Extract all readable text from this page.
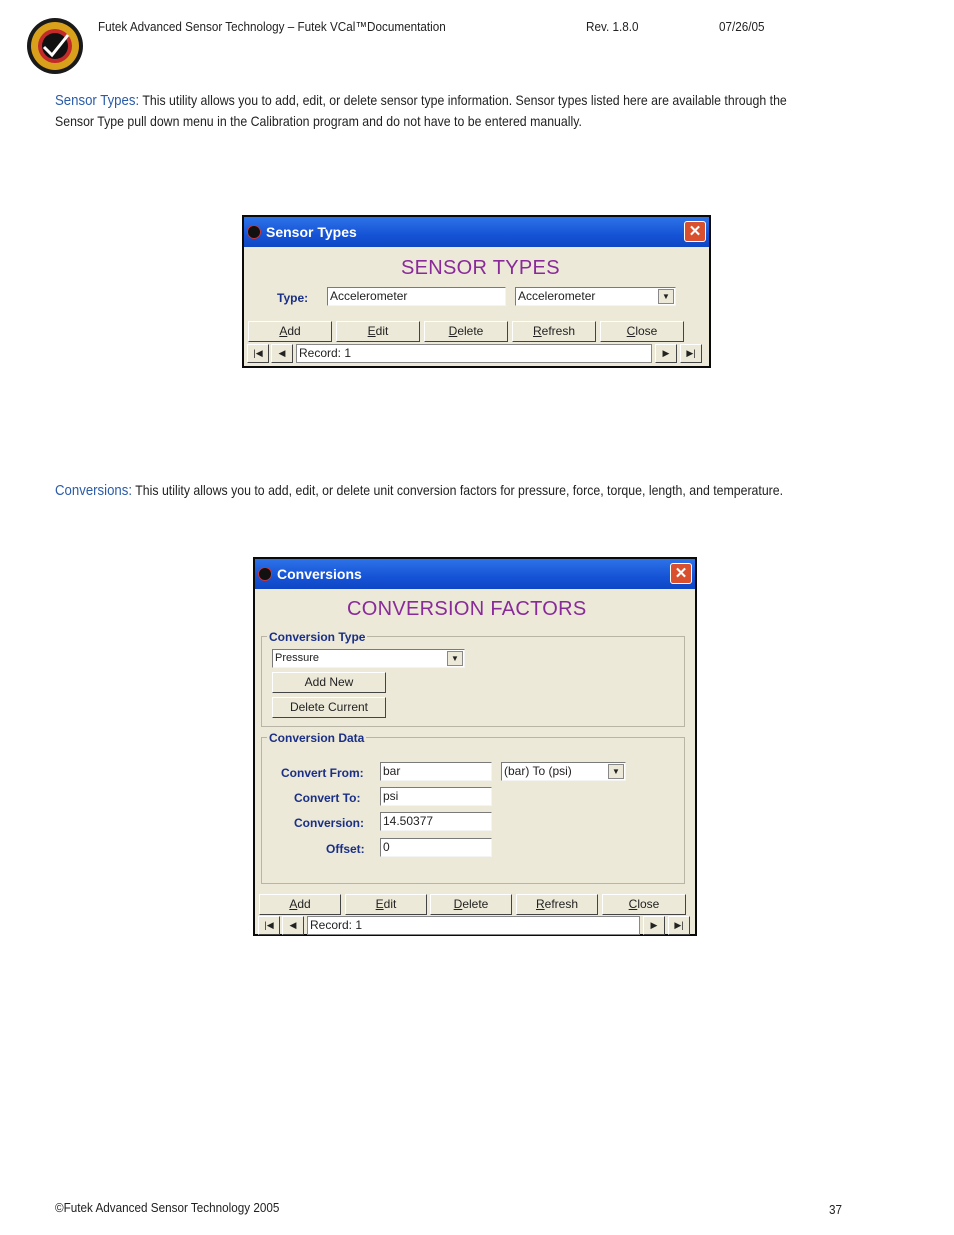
Futek Advanced Sensor Technology – Futek VCal™Documentation	Rev. 1.8.0	07/26/05
Sensor Types: This utility allows you to add, edit, or delete sensor type information. Sensor types listed here are available through the
Sensor Type pull down menu in the Calibration program and do not have to be entered manually.
Sensor Types	✕
SENSOR TYPES
Type: Accelerometer	Accelerometer	▼
Add	Edit	Delete	Refresh	Close
|◀	◀	Record: 1	▶	▶|
Conversions: This utility allows you to add, edit, or delete unit conversion factors for pressure, force, torque, length, and temperature.
Conversions	✕
CONVERSION FACTORS
Conversion Type
Pressure	▼
Add New
Delete Current
Conversion Data
Convert From: bar	(bar) To (psi)	▼
Convert To: psi
Conversion: 14.50377
Offset: 0
Add	Edit	Delete	Refresh	Close
|◀	◀	Record: 1	▶	▶|
©Futek Advanced Sensor Technology 2005	37
